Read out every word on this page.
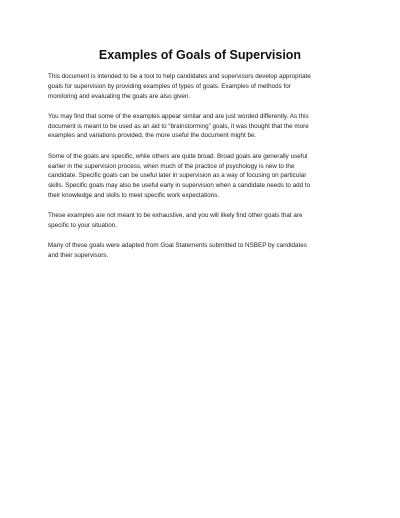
Examples of Goals of Supervision

This document is intended to be a tool to help candidates and supervisors develop appropriate
goals for supervision by providing examples of types of goals. Examples of methods for
monitoring and evaluating the goals are also given.

You may find that some of the examples appear similar and are just worded differently. As this
document is meant to be used as an aid to “brainstorming” goals, it was thought that the more
examples and variations provided, the more useful the document might be.

Some of the goals are specific, while others are quite broad. Broad goals are generally useful
earlier in the supervision process, when much of the practice of psychology is new to the
candidate. Specific goals can be useful later in supervision as a way of focusing on particular
skills. Specific goals may also be useful early in supervision when a candidate needs to add to
their knowledge and skills to meet specific work expectations.

These examples are not meant to be exhaustive, and you will likely find other goals that are
specific to your situation.

Many of these goals were adapted from Goal Statements submitted to NSBEP by candidates
and their supervisors.
